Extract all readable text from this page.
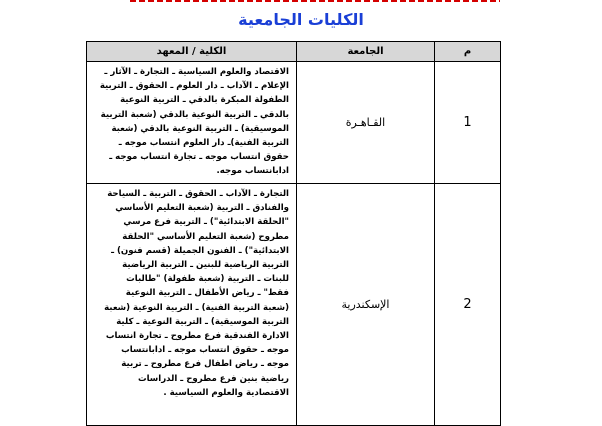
الكليات الجامعية
م	الجامعة	الكلية / المعهد
1	القـاهـرة	الاقتصاد والعلوم السياسية ـ التجارة ـ الآثار ـ الإعلام ـ الآداب ـ دار العلوم ـ الحقوق ـ التربية الطفولة المبكرة بالدقي ـ التربية النوعية بالدقي ـ التربية النوعية بالدقي (شعبة التربية الموسيقية) ـ التربية النوعية بالدقي (شعبة التربية الفنية)ـ دار العلوم انتساب موجه ـ حقوق انتساب موجه ـ تجارة انتساب موجه ـ ادابانتساب موجه.
2	الإسكندرية	التجارة ـ الآداب ـ الحقوق ـ التربية ـ السياحة والفنادق ـ التربية (شعبة التعليم الأساسي "الحلقة الابتدائية") ـ التربية فرع مرسي مطروح (شعبة التعليم الأساسي "الحلقة الابتدائية") ـ الفنون الجميلة (قسم فنون) ـ التربية الرياضية للبنين ـ التربية الرياضية للبنات ـ التربية (شعبة طفولة) "طالبات فقط" ـ رياض الأطفال ـ التربية النوعية (شعبة التربية الفنية) ـ التربية النوعية (شعبة التربية الموسيقية) ـ التربية النوعية ـ كلية الادارة الفندقية فرع مطروح ـ تجارة انتساب موجه ـ حقوق انتساب موجه ـ ادابانتساب موجه ـ رياض اطفال فرع مطروح ـ تربية رياضية بنين فرع مطروح ـ الدراسات الاقتصادية والعلوم السياسية .
